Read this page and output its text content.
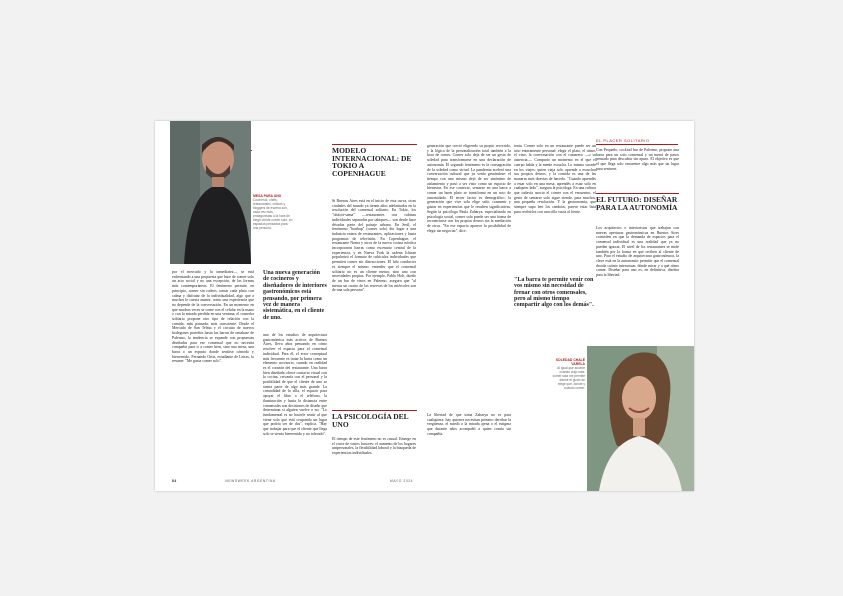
EL PLACER SOLITARIO
MESA PARA UNO
Cocineros, chefs, restaurantes, críticos y bloggers de escena son, cada vez más, protagonistas a la hora de elegir dónde comer solo, en espacios pensados para una persona.

por el mercado y la inmediatez— se está enfrentando a una propuesta que hace de comer solo un acto social y no una excepción, de las formas más contemporáneas. El fenómeno permite, en principio, comer sin rodeos, tomar cada plato con calma y disfrutar de la individualidad, algo que a muchos le cuesta asumir, como una experiencia que no depende de la conversación. En un momento en que muchas veces se come con el celular en la mano o con la mirada perdida en una ventana, el comedor solitario propone otro tipo de relación con la comida: más pausada, más consciente. Desde el Mercado de San Telmo y el circuito de nuevos bodegones porteños hasta las barras de omakase de Palermo, la tendencia se expande con propuestas diseñadas para ese comensal que no necesita compañía para ir a comer bien, sino una mesa, una barra o un espacio donde sentirse cómodo y bienvenido. Fernando Ortiz, estudiante de Letras, lo resume: "Me gusta comer solo".

Una nueva generación de cocineros y diseñadores de interiores gastronómicos está pensando, por primera vez de manera sistemática, en el cliente de uno.

uno de los estudios de arquitectura gastronómica más activos de Buenos Aires, lleva años pensando en cómo resolver el espacio para el comensal individual. Para él, el error conceptual más frecuente es tratar la barra como un elemento accesorio, cuando en realidad es el corazón del restaurante. Una barra bien diseñada ofrece contacto visual con la cocina, cercanía con el personal y la posibilidad de que el cliente de uno se sienta parte de algo más grande. La comodidad de la silla, el espacio para apoyar el libro o el teléfono, la iluminación y hasta la distancia entre comensales son decisiones de diseño que determinan si alguien vuelve o no. "Lo fundamental es no hacerle sentir al que viene solo que está ocupando un lugar que podría ser de dos", explica. "Hay que trabajar para que el cliente que llega solo se sienta bienvenido y no tolerado".

MODELO INTERNACIONAL: DE TOKIO A COPENHAGUE

Si Buenos Aires está en el inicio de esta curva, otras ciudades del mundo ya tienen años adelantados en la resolución del comensal solitario. En Tokio, los "ohitori-sama" —restaurantes con cabinas individuales separadas por tabiques— son desde hace décadas parte del paisaje urbano. En Seúl, el fenómeno "honbap" (comer solo) dio lugar a una industria entera de restaurantes, aplicaciones y hasta programas de televisión. En Copenhague, el restaurante Noma y otros de la nueva cocina nórdica incorporaron barras como escenario central de la experiencia, y en Nueva York la cadena Ichiran popularizó el formato de cubículos individuales que permiten comer sin distracciones. El hilo conductor es siempre el mismo: entender que el comensal solitario no es un cliente menor, sino uno con necesidades propias. Por ejemplo, Pablo Holt, dueño de un bar de vinos en Palermo, asegura que "al menos un cuarto de las reservas de los miércoles son de una sola persona".

LA PSICOLOGÍA DEL UNO

El tiempo de este fenómeno no es casual. Emerge en el cruce de varios factores: el aumento de los hogares unipersonales, la flexibilidad laboral y la búsqueda de experiencias individuales.

generación que creció eligiendo su propio recorrido, y la lógica de la personalización total también a la hora de comer. Comer solo deja de ser un gesto de soledad para transformarse en una declaración de autonomía. El segundo fenómeno es la consagración de la soledad como virtud. La pandemia aceleró una conversación cultural que ya venía gestándose: el tiempo con uno mismo dejó de ser sinónimo de aislamiento y pasó a ser visto como un espacio de bienestar. En ese contexto, sentarse en una barra a comer un buen plato se transforma en un acto de autocuidado. El tercer factor es demográfico: la generación que vive sola elige salir, consumir y gastar en experiencias que le resulten significativas. Según la psicóloga Paula Zaharya, especializada en psicología social, comer solo puede ser una forma de reconectarse con los propios deseos sin la mediación de otros. "En ese espacio aparece la posibilidad de elegir sin negociar", dice.

La libertad de que toma Zaharya no es para cualquiera: hay quienes necesitan primero derribar la vergüenza, el miedo a la mirada ajena o el estigma que durante años acompañó a quien comía sin compañía.

tenta. Comer solo en un restaurante puede ser un acto enteramente personal: elegir el plato, el ritmo, el vino, la conversación con el camarero —o su ausencia—. Comparto un momento en el que el cuerpo habla y la mente escucha. Lo mismo sucede en los viajes: quien viaja solo aprende a escuchar sus propios deseos, y la comida es una de las maneras más directas de hacerlo. "Cuando aprendés a estar solo en una mesa, aprendés a estar solo en cualquier lado", asegura la psicóloga. En una cultura que todavía asocia el comer con el encuentro, el gesto de sentarse solo sigue siendo, para muchos, una pequeña revolución. Y la gastronomía, que siempre supo leer los cambios, parece estar lista para recibirlos con una silla vacía al frente.

"La barra te permite venir con vos mismo sin necesidad de frenar con otros comensales, pero al mismo tiempo compartir algo con los demás".
SOLEDAD CHALÉ
VARELA
Al igual que sucede cuando viajo sola, comer sola me permite darme el gusto de elegir qué, dónde y cuándo comer.

Con Pequeño, cocktail bar de Palermo, propone una barra para un solo comensal y un menú de pasos pensado para descubrir sin apuro. El objetivo es que el que llega solo encuentre algo más que un lugar para sentarse.

EL FUTURO: DISEÑAR PARA LA AUTONOMÍA

Los arquitectos e interioristas que trabajan con nuevas aperturas gastronómicas en Buenos Aires coinciden en que la demanda de espacios para el comensal individual es una realidad que ya no pueden ignorar. El nivel de los restaurantes se mide también por la forma en que reciben al cliente de uno. Para el estudio de arquitectura gastronómica, la clave está en la autonomía: permitir que el comensal decida cuánto interactuar, dónde mirar y a qué ritmo comer. Diseñar para uno es, en definitiva, diseñar para la libertad.

84	NEWSWEEK ARGENTINA	MAYO 2024
